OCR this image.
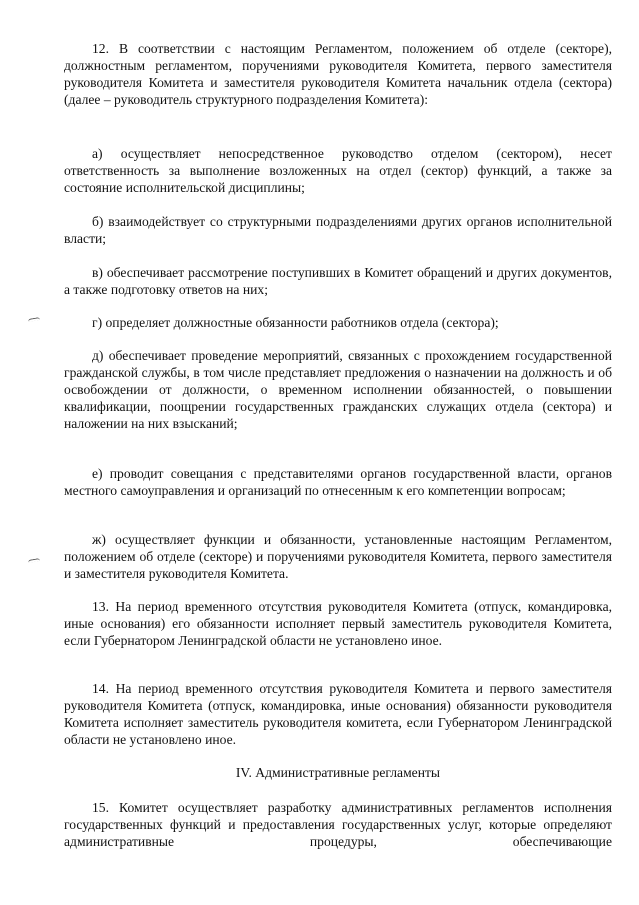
12. В соответствии с настоящим Регламентом, положением об отделе (секторе), должностным регламентом, поручениями руководителя Комитета, первого заместителя руководителя Комитета и заместителя руководителя Комитета начальник отдела (сектора) (далее – руководитель структурного подразделения Комитета):

а) осуществляет непосредственное руководство отделом (сектором), несет ответственность за выполнение возложенных на отдел (сектор) функций, а также за состояние исполнительской дисциплины;

б) взаимодействует со структурными подразделениями других органов исполнительной власти;

в) обеспечивает рассмотрение поступивших в Комитет обращений и других документов, а также подготовку ответов на них;

г) определяет должностные обязанности работников отдела (сектора);

д) обеспечивает проведение мероприятий, связанных с прохождением государственной гражданской службы, в том числе представляет предложения о назначении на должность и об освобождении от должности, о временном исполнении обязанностей, о повышении квалификации, поощрении государственных гражданских служащих отдела (сектора) и наложении на них взысканий;

е) проводит совещания с представителями органов государственной власти, органов местного самоуправления и организаций по отнесенным к его компетенции вопросам;

ж) осуществляет функции и обязанности, установленные настоящим Регламентом, положением об отделе (секторе) и поручениями руководителя Комитета, первого заместителя и заместителя руководителя Комитета.

13. На период временного отсутствия руководителя Комитета (отпуск, командировка, иные основания) его обязанности исполняет первый заместитель руководителя Комитета, если Губернатором Ленинградской области не установлено иное.

14. На период временного отсутствия руководителя Комитета и первого заместителя руководителя Комитета (отпуск, командировка, иные основания) обязанности руководителя Комитета исполняет заместитель руководителя комитета, если Губернатором Ленинградской области не установлено иное.

IV. Административные регламенты

15. Комитет осуществляет разработку административных регламентов исполнения государственных функций и предоставления государственных услуг, которые определяют административные процедуры, обеспечивающие
